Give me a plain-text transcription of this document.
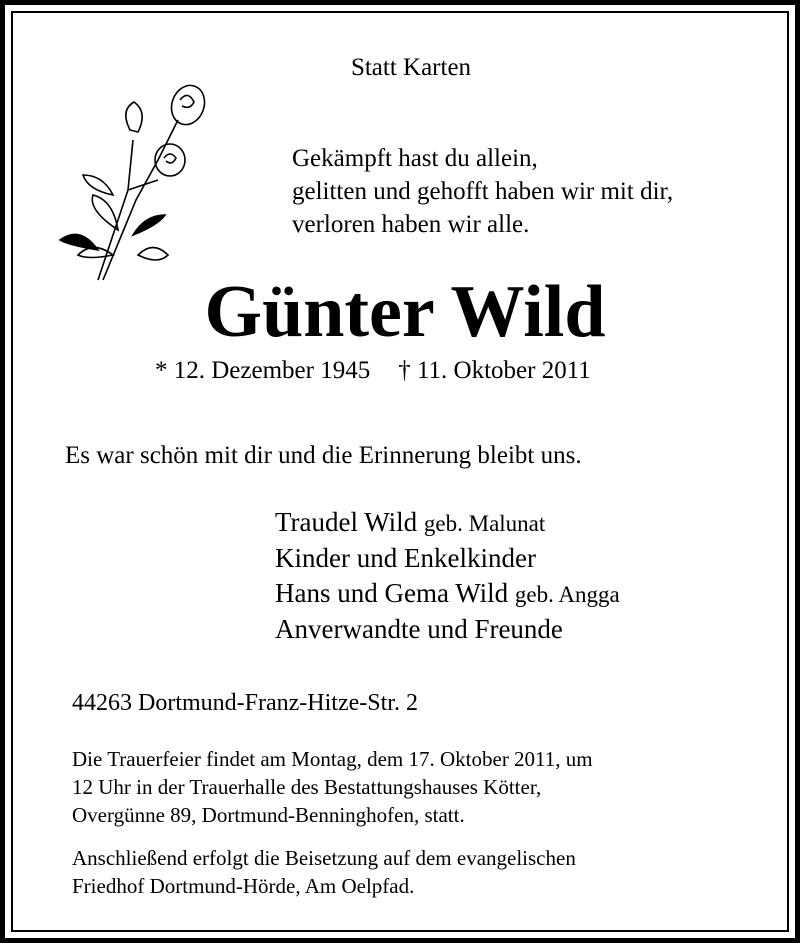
Statt Karten
Gekämpft hast du allein,
gelitten und gehofft haben wir mit dir,
verloren haben wir alle.
Günter Wild
* 12. Dezember 1945 † 11. Oktober 2011
Es war schön mit dir und die Erinnerung bleibt uns.
Traudel Wild geb. Malunat
Kinder und Enkelkinder
Hans und Gema Wild geb. Angga
Anverwandte und Freunde
44263 Dortmund-Franz-Hitze-Str. 2
Die Trauerfeier findet am Montag, dem 17. Oktober 2011, um
12 Uhr in der Trauerhalle des Bestattungshauses Kötter,
Overgünne 89, Dortmund-Benninghofen, statt.
Anschließend erfolgt die Beisetzung auf dem evangelischen
Friedhof Dortmund-Hörde, Am Oelpfad.
